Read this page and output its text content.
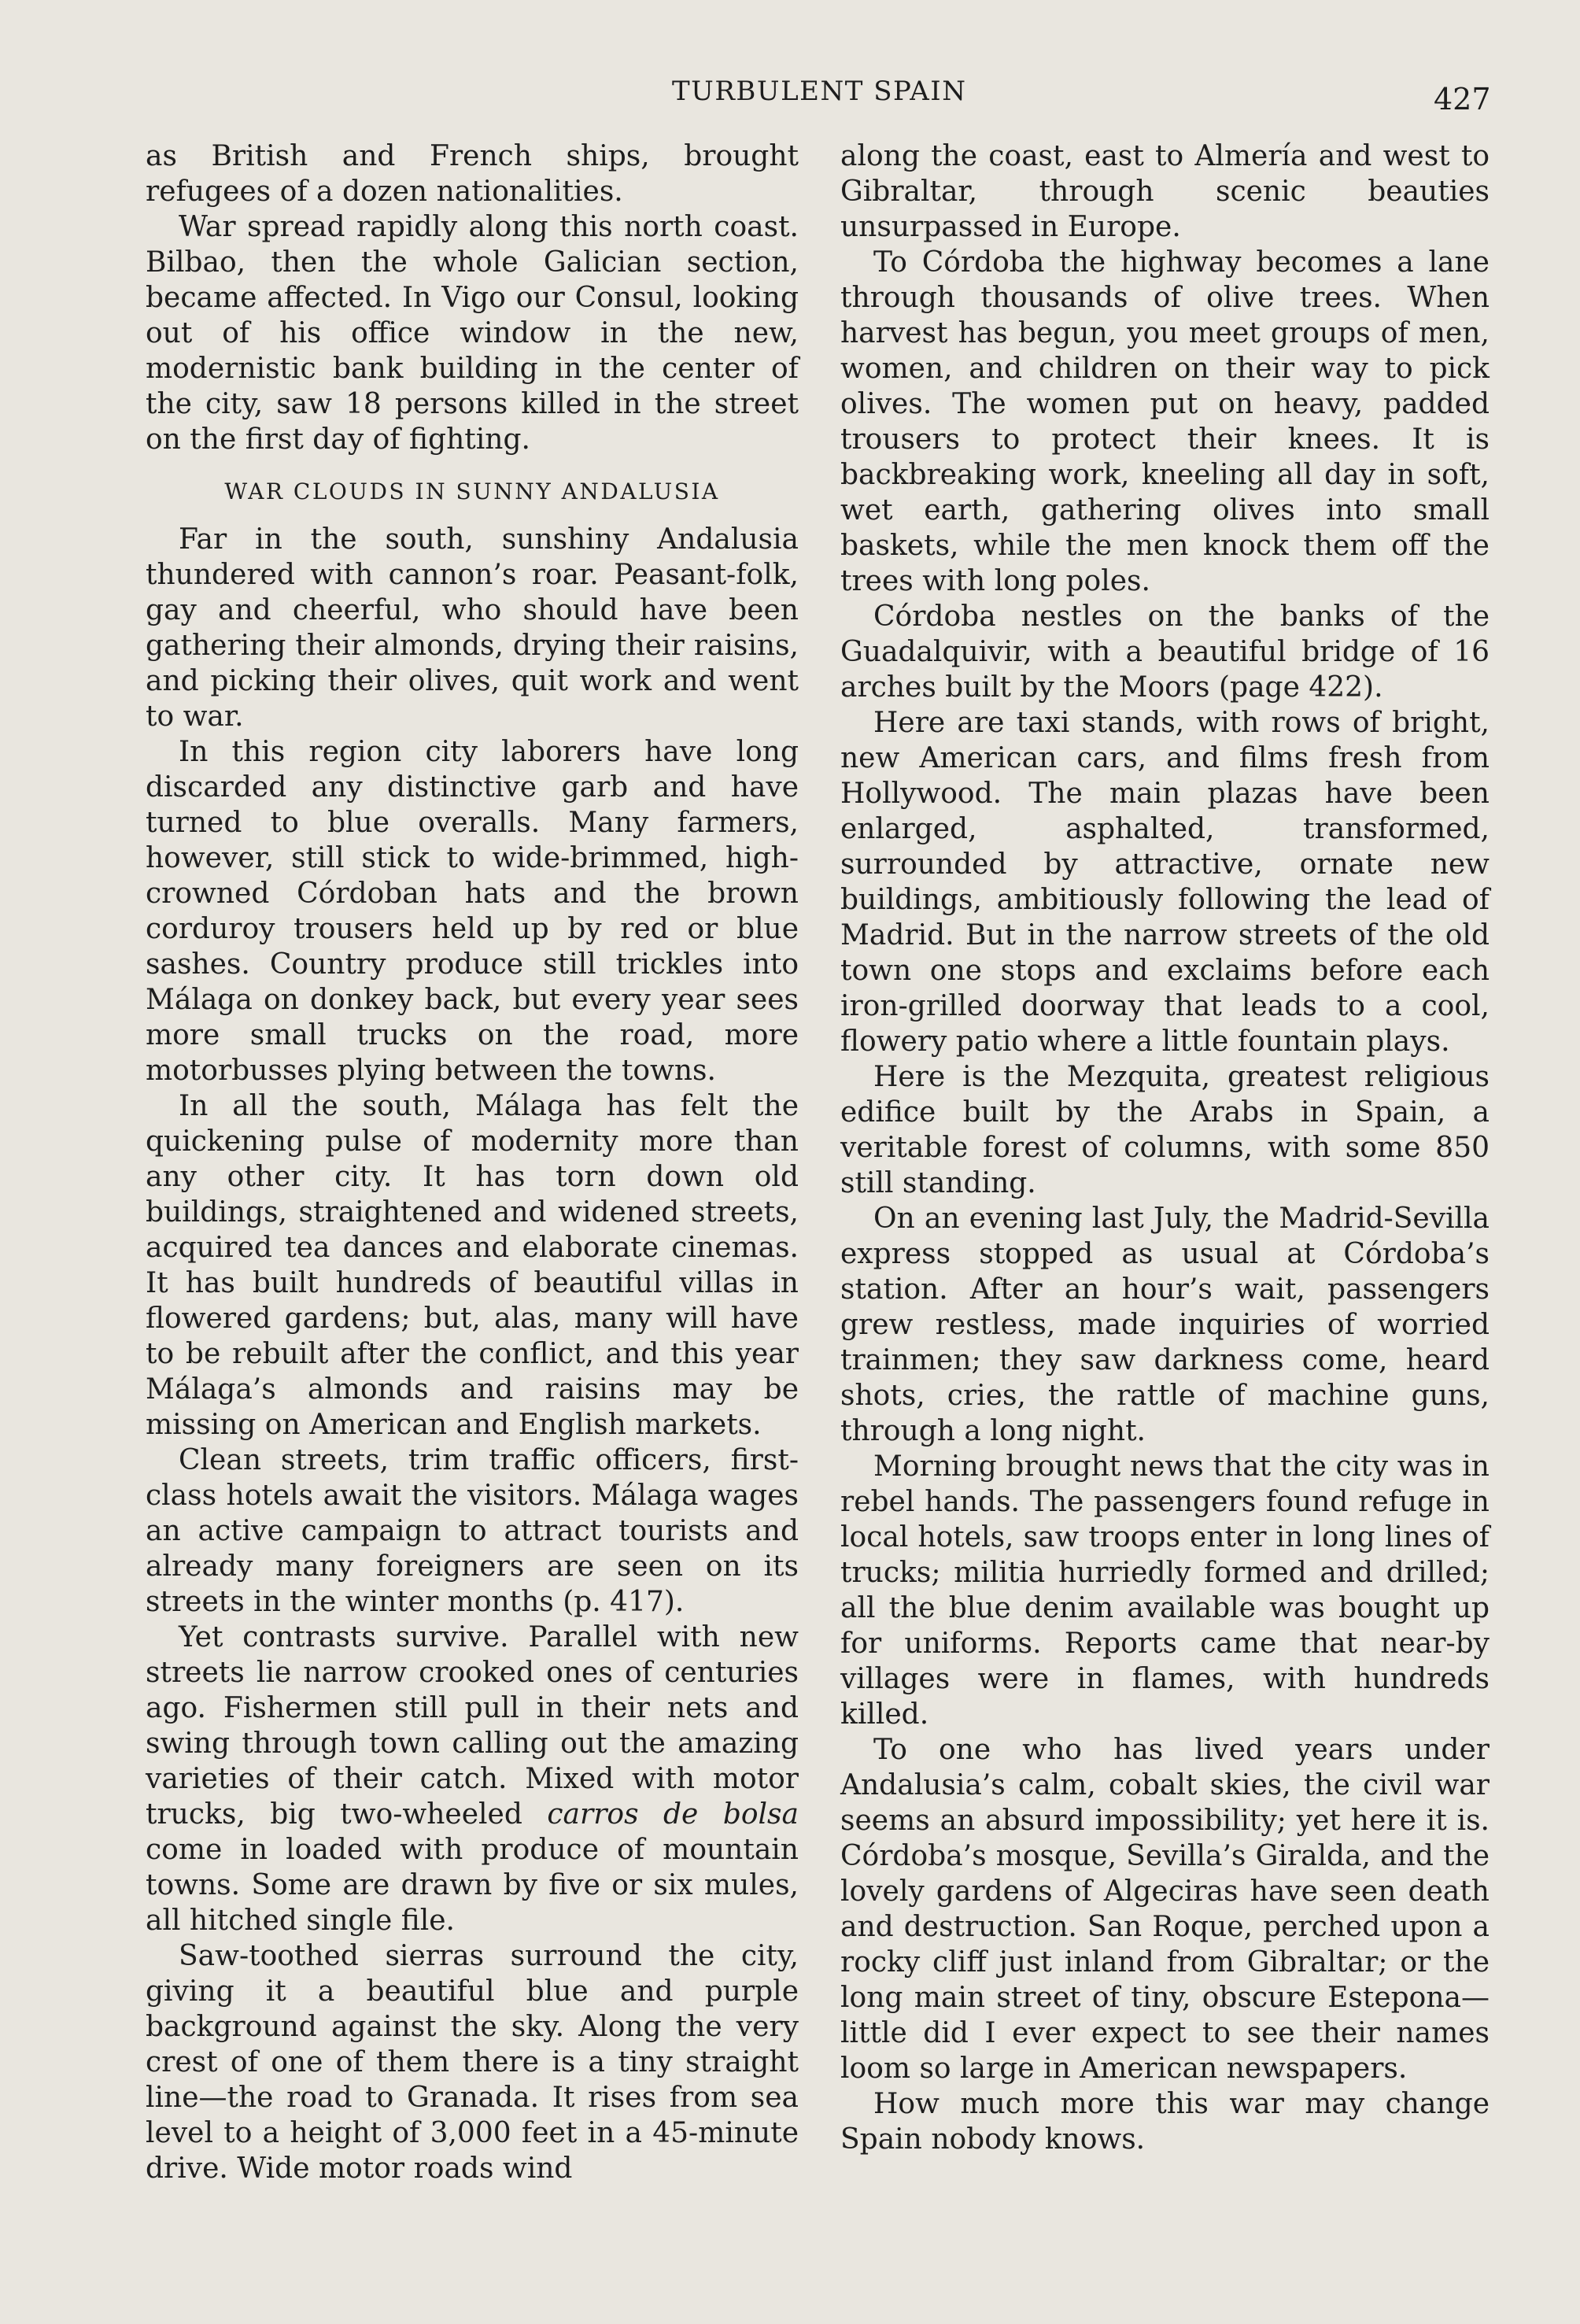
TURBULENT SPAIN	427

as British and French ships, brought refugees of a dozen nationalities.

War spread rapidly along this north coast. Bilbao, then the whole Galician section, became affected. In Vigo our Consul, looking out of his office window in the new, modernistic bank building in the center of the city, saw 18 persons killed in the street on the first day of fighting.

WAR CLOUDS IN SUNNY ANDALUSIA

Far in the south, sunshiny Andalusia thundered with cannon’s roar. Peasant-folk, gay and cheerful, who should have been gathering their almonds, drying their raisins, and picking their olives, quit work and went to war.

In this region city laborers have long discarded any distinctive garb and have turned to blue overalls. Many farmers, however, still stick to wide-brimmed, high-crowned Córdoban hats and the brown corduroy trousers held up by red or blue sashes. Country produce still trickles into Málaga on donkey back, but every year sees more small trucks on the road, more motorbusses plying between the towns.

In all the south, Málaga has felt the quickening pulse of modernity more than any other city. It has torn down old buildings, straightened and widened streets, acquired tea dances and elaborate cinemas. It has built hundreds of beautiful villas in flowered gardens; but, alas, many will have to be rebuilt after the conflict, and this year Málaga’s almonds and raisins may be missing on American and English markets.

Clean streets, trim traffic officers, first-class hotels await the visitors. Málaga wages an active campaign to attract tourists and already many foreigners are seen on its streets in the winter months (p. 417).

Yet contrasts survive. Parallel with new streets lie narrow crooked ones of centuries ago. Fishermen still pull in their nets and swing through town calling out the amazing varieties of their catch. Mixed with motor trucks, big two-wheeled carros de bolsa come in loaded with produce of mountain towns. Some are drawn by five or six mules, all hitched single file.

Saw-toothed sierras surround the city, giving it a beautiful blue and purple background against the sky. Along the very crest of one of them there is a tiny straight line—the road to Granada. It rises from sea level to a height of 3,000 feet in a 45-minute drive. Wide motor roads wind

along the coast, east to Almería and west to Gibraltar, through scenic beauties unsurpassed in Europe.

To Córdoba the highway becomes a lane through thousands of olive trees. When harvest has begun, you meet groups of men, women, and children on their way to pick olives. The women put on heavy, padded trousers to protect their knees. It is backbreaking work, kneeling all day in soft, wet earth, gathering olives into small baskets, while the men knock them off the trees with long poles.

Córdoba nestles on the banks of the Guadalquivir, with a beautiful bridge of 16 arches built by the Moors (page 422).

Here are taxi stands, with rows of bright, new American cars, and films fresh from Hollywood. The main plazas have been enlarged, asphalted, transformed, surrounded by attractive, ornate new buildings, ambitiously following the lead of Madrid. But in the narrow streets of the old town one stops and exclaims before each iron-grilled doorway that leads to a cool, flowery patio where a little fountain plays.

Here is the Mezquita, greatest religious edifice built by the Arabs in Spain, a veritable forest of columns, with some 850 still standing.

On an evening last July, the Madrid-Sevilla express stopped as usual at Córdoba’s station. After an hour’s wait, passengers grew restless, made inquiries of worried trainmen; they saw darkness come, heard shots, cries, the rattle of machine guns, through a long night.

Morning brought news that the city was in rebel hands. The passengers found refuge in local hotels, saw troops enter in long lines of trucks; militia hurriedly formed and drilled; all the blue denim available was bought up for uniforms. Reports came that near-by villages were in flames, with hundreds killed.

To one who has lived years under Andalusia’s calm, cobalt skies, the civil war seems an absurd impossibility; yet here it is. Córdoba’s mosque, Sevilla’s Giralda, and the lovely gardens of Algeciras have seen death and destruction. San Roque, perched upon a rocky cliff just inland from Gibraltar; or the long main street of tiny, obscure Estepona—little did I ever expect to see their names loom so large in American newspapers.

How much more this war may change Spain nobody knows.
